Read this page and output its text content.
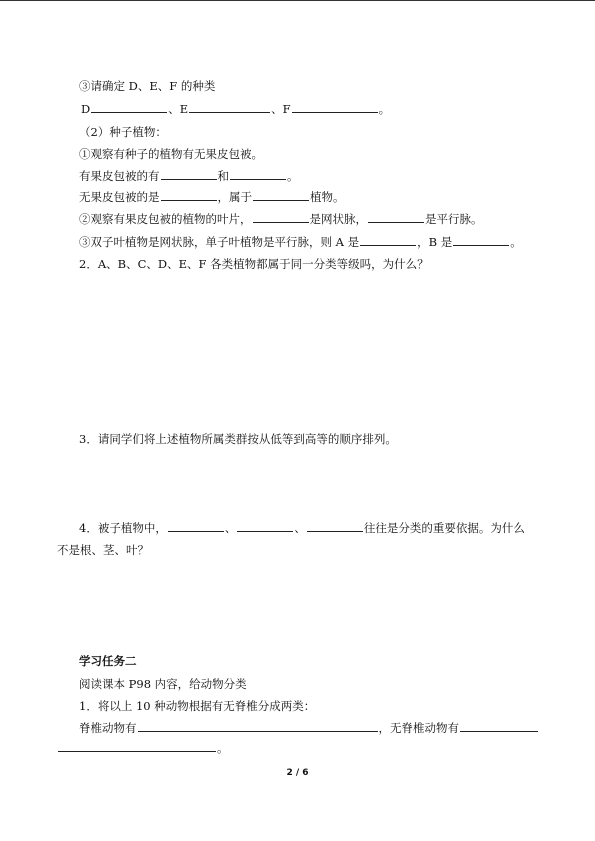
③请确定 D、E、F 的种类
D	、E	、F	。
（2）种子植物：
①观察有种子的植物有无果皮包被。
有果皮包被的有	和	。
无果皮包被的是	，属于	植物。
②观察有果皮包被的植物的叶片，	是网状脉，	是平行脉。
③双子叶植物是网状脉，单子叶植物是平行脉，则 A 是	，B 是	。
2．A、B、C、D、E、F 各类植物都属于同一分类等级吗，为什么？
3．请同学们将上述植物所属类群按从低等到高等的顺序排列。
4．被子植物中，	、	、	往往是分类的重要依据。为什么
不是根、茎、叶？
学习任务二
阅读课本 P98 内容，给动物分类
1．将以上 10 种动物根据有无脊椎分成两类：
脊椎动物有	，无脊椎动物有
。
2 / 6
